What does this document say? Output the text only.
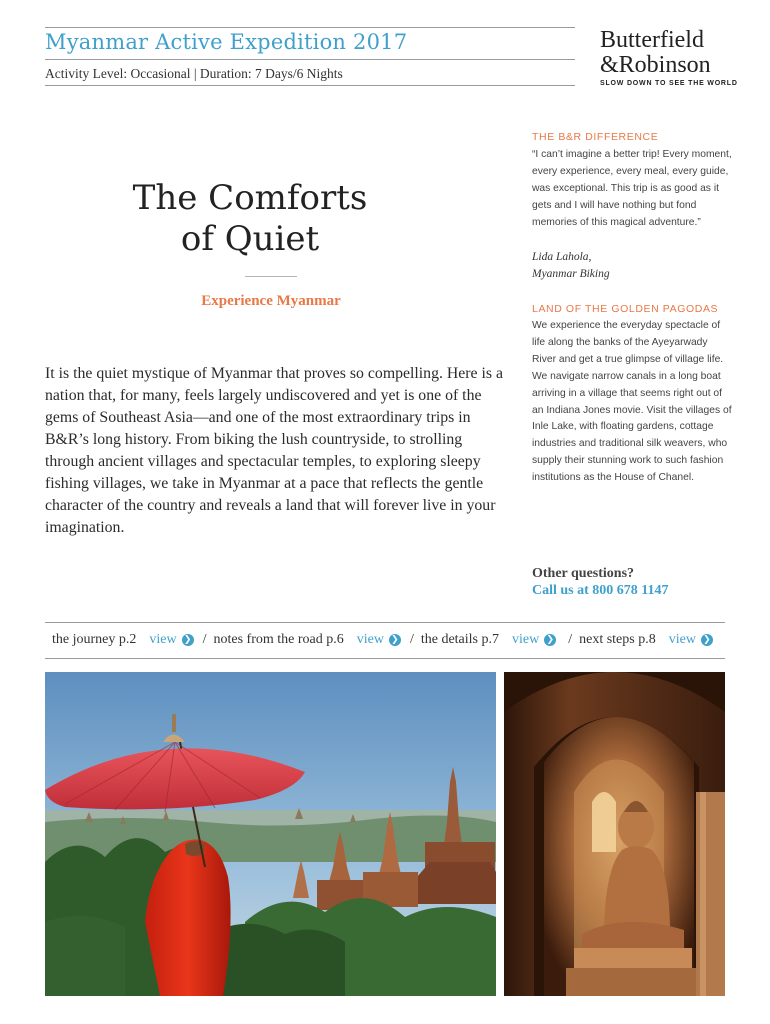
Myanmar Active Expedition 2017
Activity Level: Occasional | Duration: 7 Days/6 Nights
Butterfield
&Robinson
SLOW DOWN TO SEE THE WORLD
The Comforts
of Quiet
Experience Myanmar
It is the quiet mystique of Myanmar that proves so compelling. Here is a nation that, for many, feels largely undiscovered and yet is one of the gems of Southeast Asia—and one of the most extraordinary trips in B&R’s long history. From biking the lush countryside, to strolling through ancient villages and spectacular temples, to exploring sleepy fishing villages, we take in Myanmar at a pace that reflects the gentle character of the country and reveals a land that will forever live in your imagination.
THE B&R DIFFERENCE
“I can’t imagine a better trip! Every moment, every experience, every meal, every guide, was exceptional. This trip is as good as it gets and I will have nothing but fond memories of this magical adventure.”
Lida Lahola,
Myanmar Biking
LAND OF THE GOLDEN PAGODAS
We experience the everyday spectacle of life along the banks of the Ayeyarwady River and get a true glimpse of village life. We navigate narrow canals in a long boat arriving in a village that seems right out of an Indiana Jones movie. Visit the villages of Inle Lake, with floating gardens, cottage industries and traditional silk weavers, who supply their stunning work to such fashion institutions as the House of Chanel.
Other questions?
Call us at 800 678 1147
the journey p.2 view ❯ / notes from the road p.6 view ❯ / the details p.7 view ❯ / next steps p.8 view ❯
